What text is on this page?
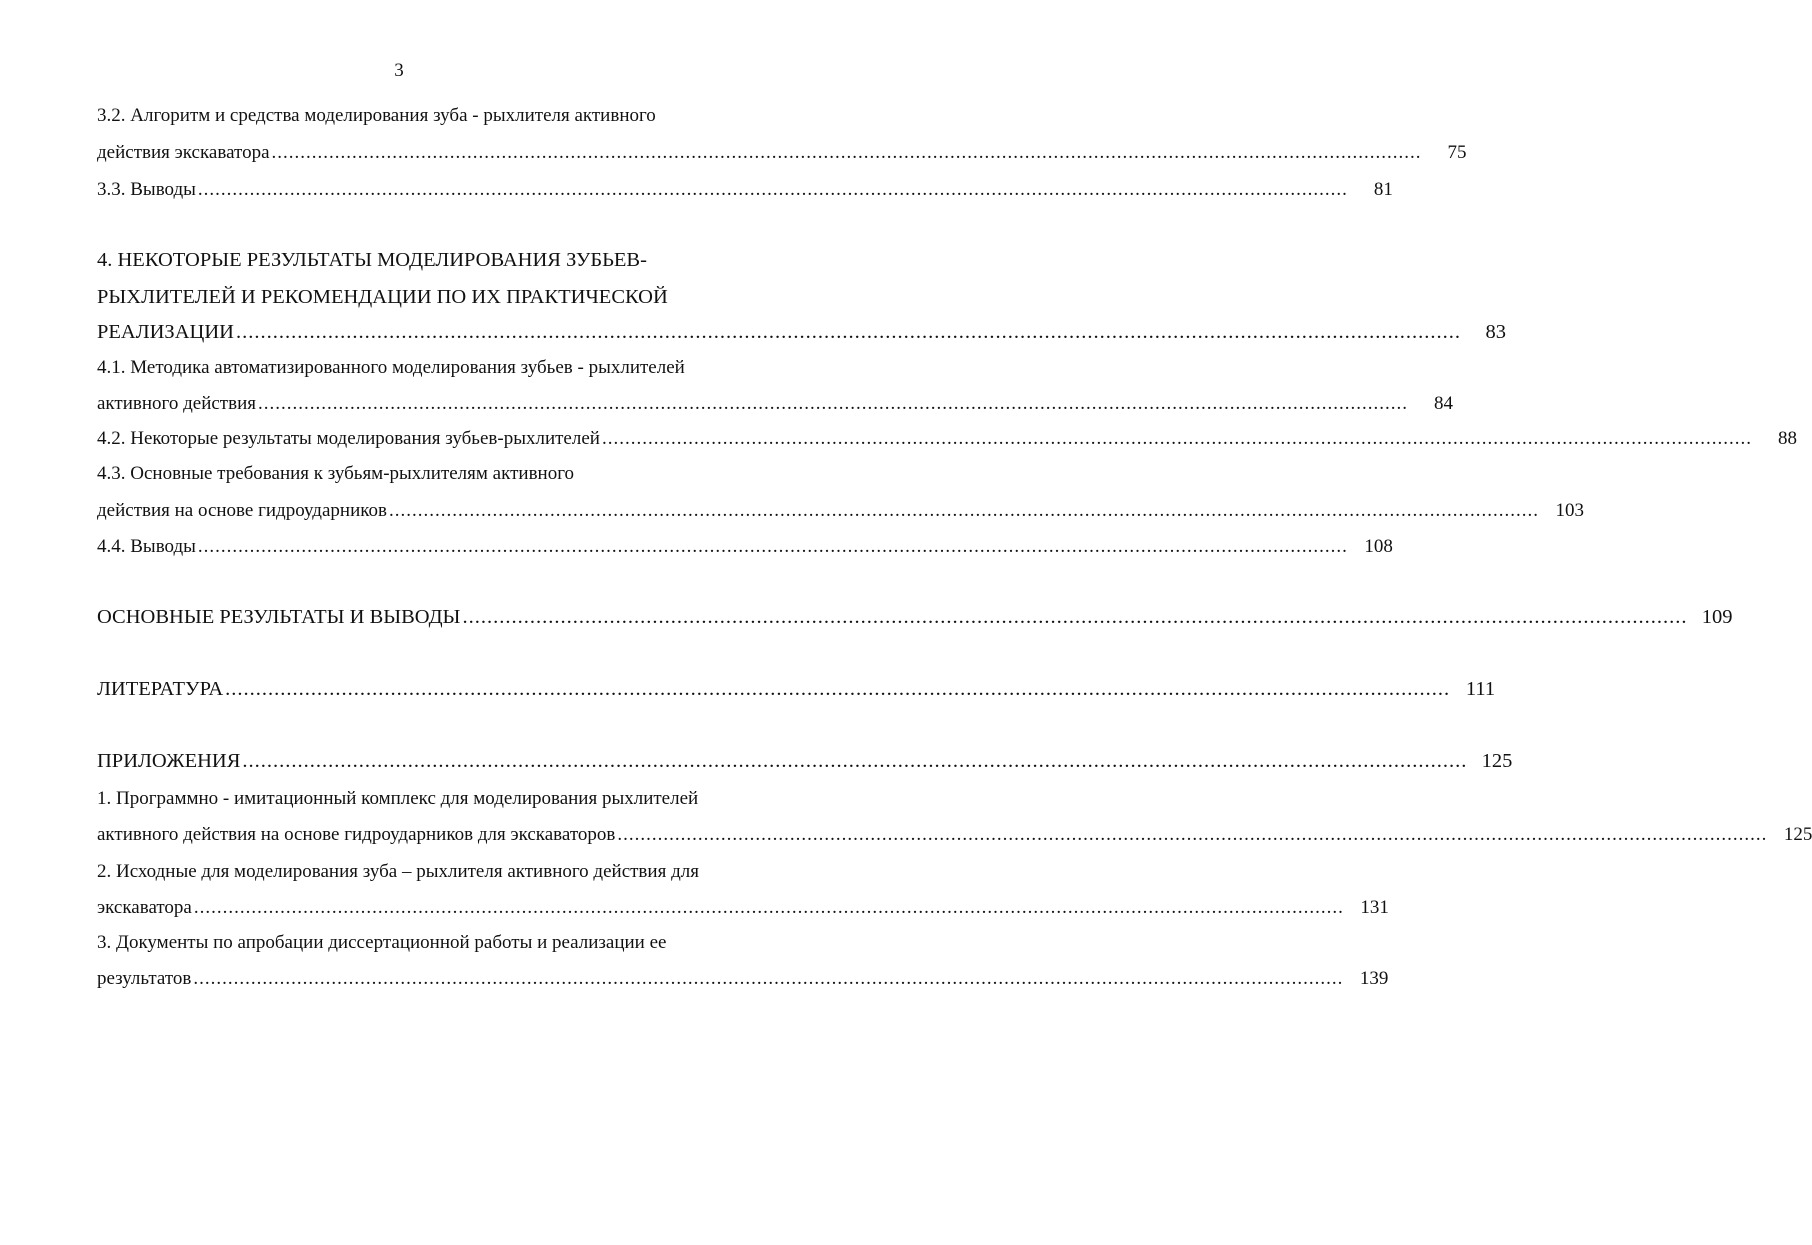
3
3.2. Алгоритм и средства моделирования зуба - рыхлителя активного
действия экскаватора ........................................................................................................................................................................................................	75
3.3. Выводы ........................................................................................................................................................................................................	81
4. НЕКОТОРЫЕ РЕЗУЛЬТАТЫ МОДЕЛИРОВАНИЯ ЗУБЬЕВ-
РЫХЛИТЕЛЕЙ И РЕКОМЕНДАЦИИ ПО ИХ ПРАКТИЧЕСКОЙ
РЕАЛИЗАЦИИ ........................................................................................................................................................................................................	83
4.1. Методика автоматизированного моделирования зубьев - рыхлителей
активного действия ........................................................................................................................................................................................................	84
4.2. Некоторые результаты моделирования зубьев-рыхлителей ........................................................................................................................................................................................................	88
4.3. Основные требования к зубьям-рыхлителям активного
действия на основе гидроударников ........................................................................................................................................................................................................ 103
4.4. Выводы ........................................................................................................................................................................................................ 108
ОСНОВНЫЕ РЕЗУЛЬТАТЫ И ВЫВОДЫ ........................................................................................................................................................................................................ 109
ЛИТЕРАТУРА ........................................................................................................................................................................................................ 111
ПРИЛОЖЕНИЯ ........................................................................................................................................................................................................ 125
1. Программно - имитационный комплекс для моделирования рыхлителей
активного действия на основе гидроударников для экскаваторов ........................................................................................................................................................................................................ 125
2. Исходные для моделирования зуба – рыхлителя активного действия для
экскаватора ........................................................................................................................................................................................................ 131
3. Документы по апробации диссертационной работы и реализации ее
результатов ........................................................................................................................................................................................................ 139
